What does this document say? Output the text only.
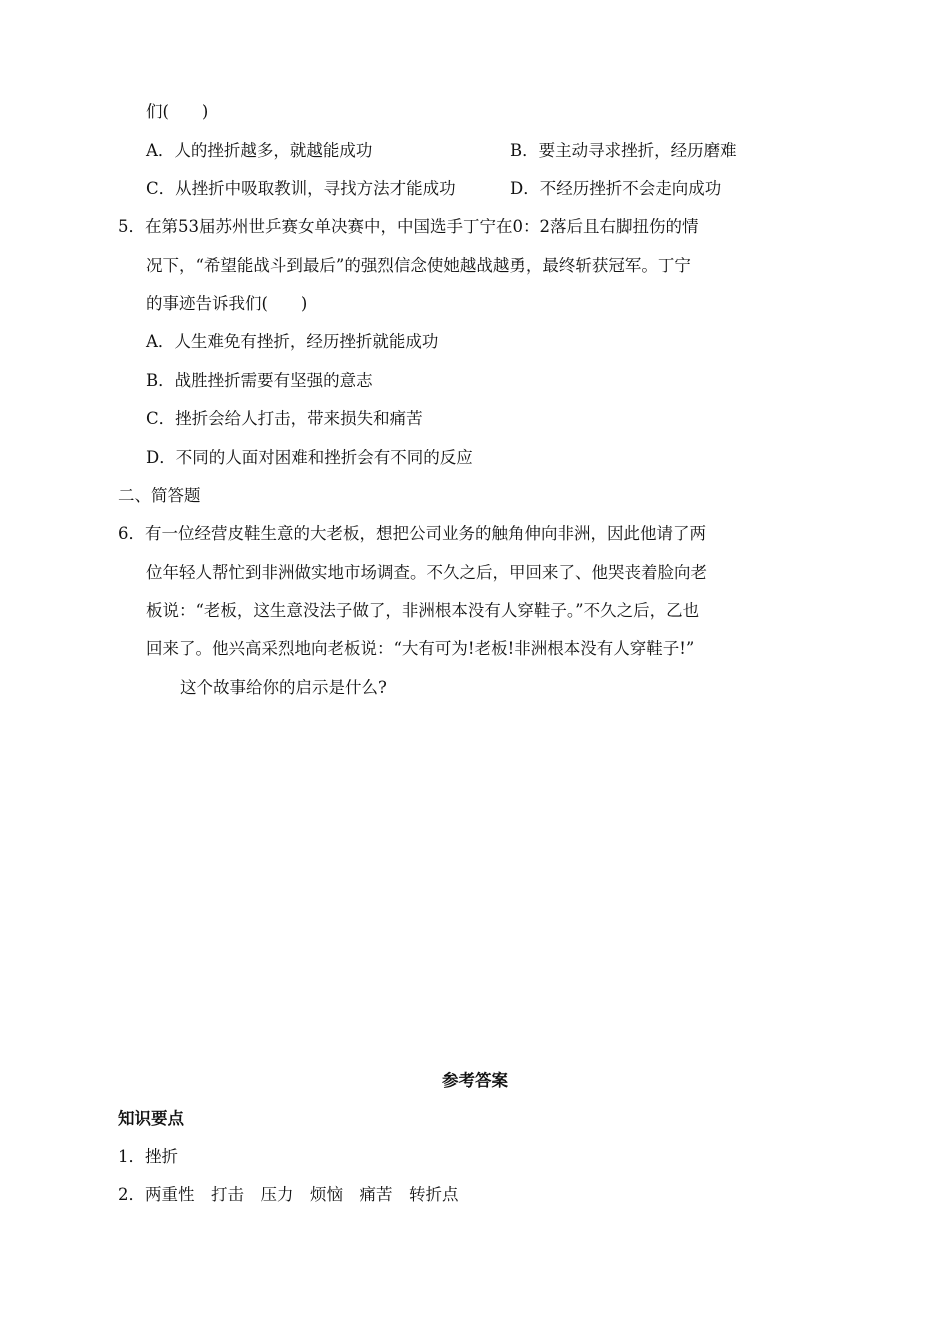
们(　　)
A．人的挫折越多，就越能成功	B．要主动寻求挫折，经历磨难
C．从挫折中吸取教训，寻找方法才能成功	D．不经历挫折不会走向成功
5．在第53届苏州世乒赛女单决赛中，中国选手丁宁在0：2落后且右脚扭伤的情
况下，“希望能战斗到最后”的强烈信念使她越战越勇，最终斩获冠军。丁宁
的事迹告诉我们(　　)
A．人生难免有挫折，经历挫折就能成功
B．战胜挫折需要有坚强的意志
C．挫折会给人打击，带来损失和痛苦
D．不同的人面对困难和挫折会有不同的反应
二、简答题
6．有一位经营皮鞋生意的大老板，想把公司业务的触角伸向非洲，因此他请了两
位年轻人帮忙到非洲做实地市场调查。不久之后，甲回来了、他哭丧着脸向老
板说：“老板，这生意没法子做了，非洲根本没有人穿鞋子。”不久之后，乙也
回来了。他兴高采烈地向老板说：“大有可为!老板!非洲根本没有人穿鞋子!”
这个故事给你的启示是什么?
参考答案
知识要点
1．挫折
2．两重性　打击　压力　烦恼　痛苦　转折点
